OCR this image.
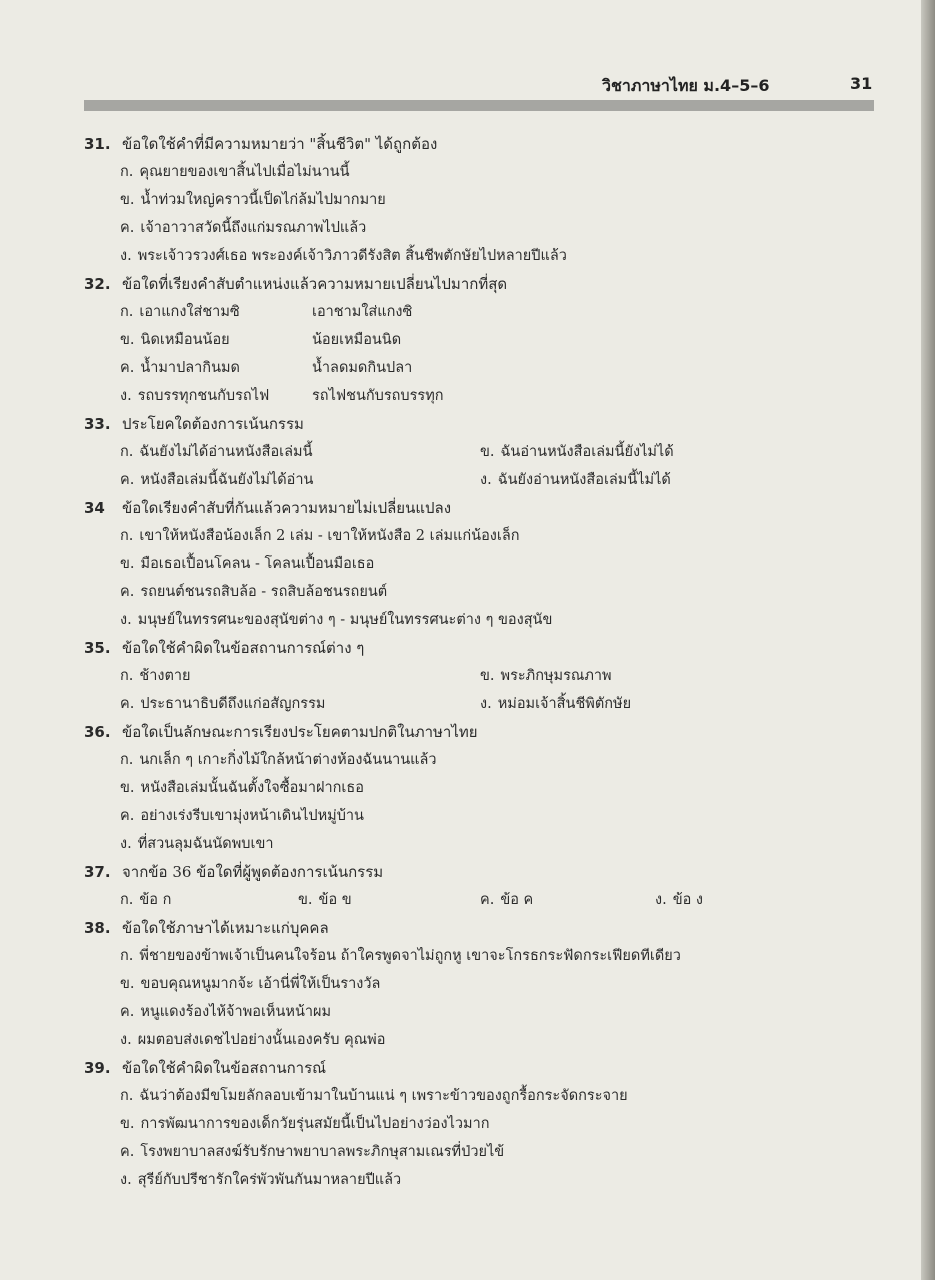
วิชาภาษาไทย ม.4–5–6	31
31. ข้อใดใช้คำที่มีความหมายว่า "สิ้นชีวิต" ได้ถูกต้อง
ก. คุณยายของเขาสิ้นไปเมื่อไม่นานนี้
ข. น้ำท่วมใหญ่คราวนี้เป็ดไก่ล้มไปมากมาย
ค. เจ้าอาวาสวัดนี้ถึงแก่มรณภาพไปแล้ว
ง. พระเจ้าวรวงศ์เธอ พระองค์เจ้าวิภาวดีรังสิต สิ้นชีพตักษัยไปหลายปีแล้ว
32. ข้อใดที่เรียงคำสับตำแหน่งแล้วความหมายเปลี่ยนไปมากที่สุด
ก. เอาแกงใส่ชามซิ	เอาชามใส่แกงซิ
ข. นิดเหมือนน้อย	น้อยเหมือนนิด
ค. น้ำมาปลากินมด	น้ำลดมดกินปลา
ง. รถบรรทุกชนกับรถไฟ	รถไฟชนกับรถบรรทุก
33. ประโยคใดต้องการเน้นกรรม
ก. ฉันยังไม่ได้อ่านหนังสือเล่มนี้	ข. ฉันอ่านหนังสือเล่มนี้ยังไม่ได้
ค. หนังสือเล่มนี้ฉันยังไม่ได้อ่าน	ง. ฉันยังอ่านหนังสือเล่มนี้ไม่ได้
34 ข้อใดเรียงคำสับที่กันแล้วความหมายไม่เปลี่ยนแปลง
ก. เขาให้หนังสือน้องเล็ก 2 เล่ม - เขาให้หนังสือ 2 เล่มแก่น้องเล็ก
ข. มือเธอเปื้อนโคลน - โคลนเปื้อนมือเธอ
ค. รถยนต์ชนรถสิบล้อ - รถสิบล้อชนรถยนต์
ง. มนุษย์ในทรรศนะของสุนัขต่าง ๆ - มนุษย์ในทรรศนะต่าง ๆ ของสุนัข
35. ข้อใดใช้คำผิดในข้อสถานการณ์ต่าง ๆ
ก. ช้างตาย	ข. พระภิกษุมรณภาพ
ค. ประธานาธิบดีถึงแก่อสัญกรรม	ง. หม่อมเจ้าสิ้นชีพิตักษัย
36. ข้อใดเป็นลักษณะการเรียงประโยคตามปกติในภาษาไทย
ก. นกเล็ก ๆ เกาะกิ่งไม้ใกล้หน้าต่างห้องฉันนานแล้ว
ข. หนังสือเล่มนั้นฉันตั้งใจซื้อมาฝากเธอ
ค. อย่างเร่งรีบเขามุ่งหน้าเดินไปหมู่บ้าน
ง. ที่สวนลุมฉันนัดพบเขา
37. จากข้อ 36 ข้อใดที่ผู้พูดต้องการเน้นกรรม
ก. ข้อ ก	ข. ข้อ ข	ค. ข้อ ค	ง. ข้อ ง
38. ข้อใดใช้ภาษาได้เหมาะแก่บุคคล
ก. พี่ชายของข้าพเจ้าเป็นคนใจร้อน ถ้าใครพูดจาไม่ถูกหู เขาจะโกรธกระฟัดกระเฟียดทีเดียว
ข. ขอบคุณหนูมากจ้ะ เอ้านี่พี่ให้เป็นรางวัล
ค. หนูแดงร้องไห้จ้าพอเห็นหน้าผม
ง. ผมตอบส่งเดชไปอย่างนั้นเองครับ คุณพ่อ
39. ข้อใดใช้คำผิดในข้อสถานการณ์
ก. ฉันว่าต้องมีขโมยลักลอบเข้ามาในบ้านแน่ ๆ เพราะข้าวของถูกรื้อกระจัดกระจาย
ข. การพัฒนาการของเด็กวัยรุ่นสมัยนี้เป็นไปอย่างว่องไวมาก
ค. โรงพยาบาลสงฆ์รับรักษาพยาบาลพระภิกษุสามเณรที่ป่วยไข้
ง. สุรีย์กับปรีชารักใคร่พัวพันกันมาหลายปีแล้ว
